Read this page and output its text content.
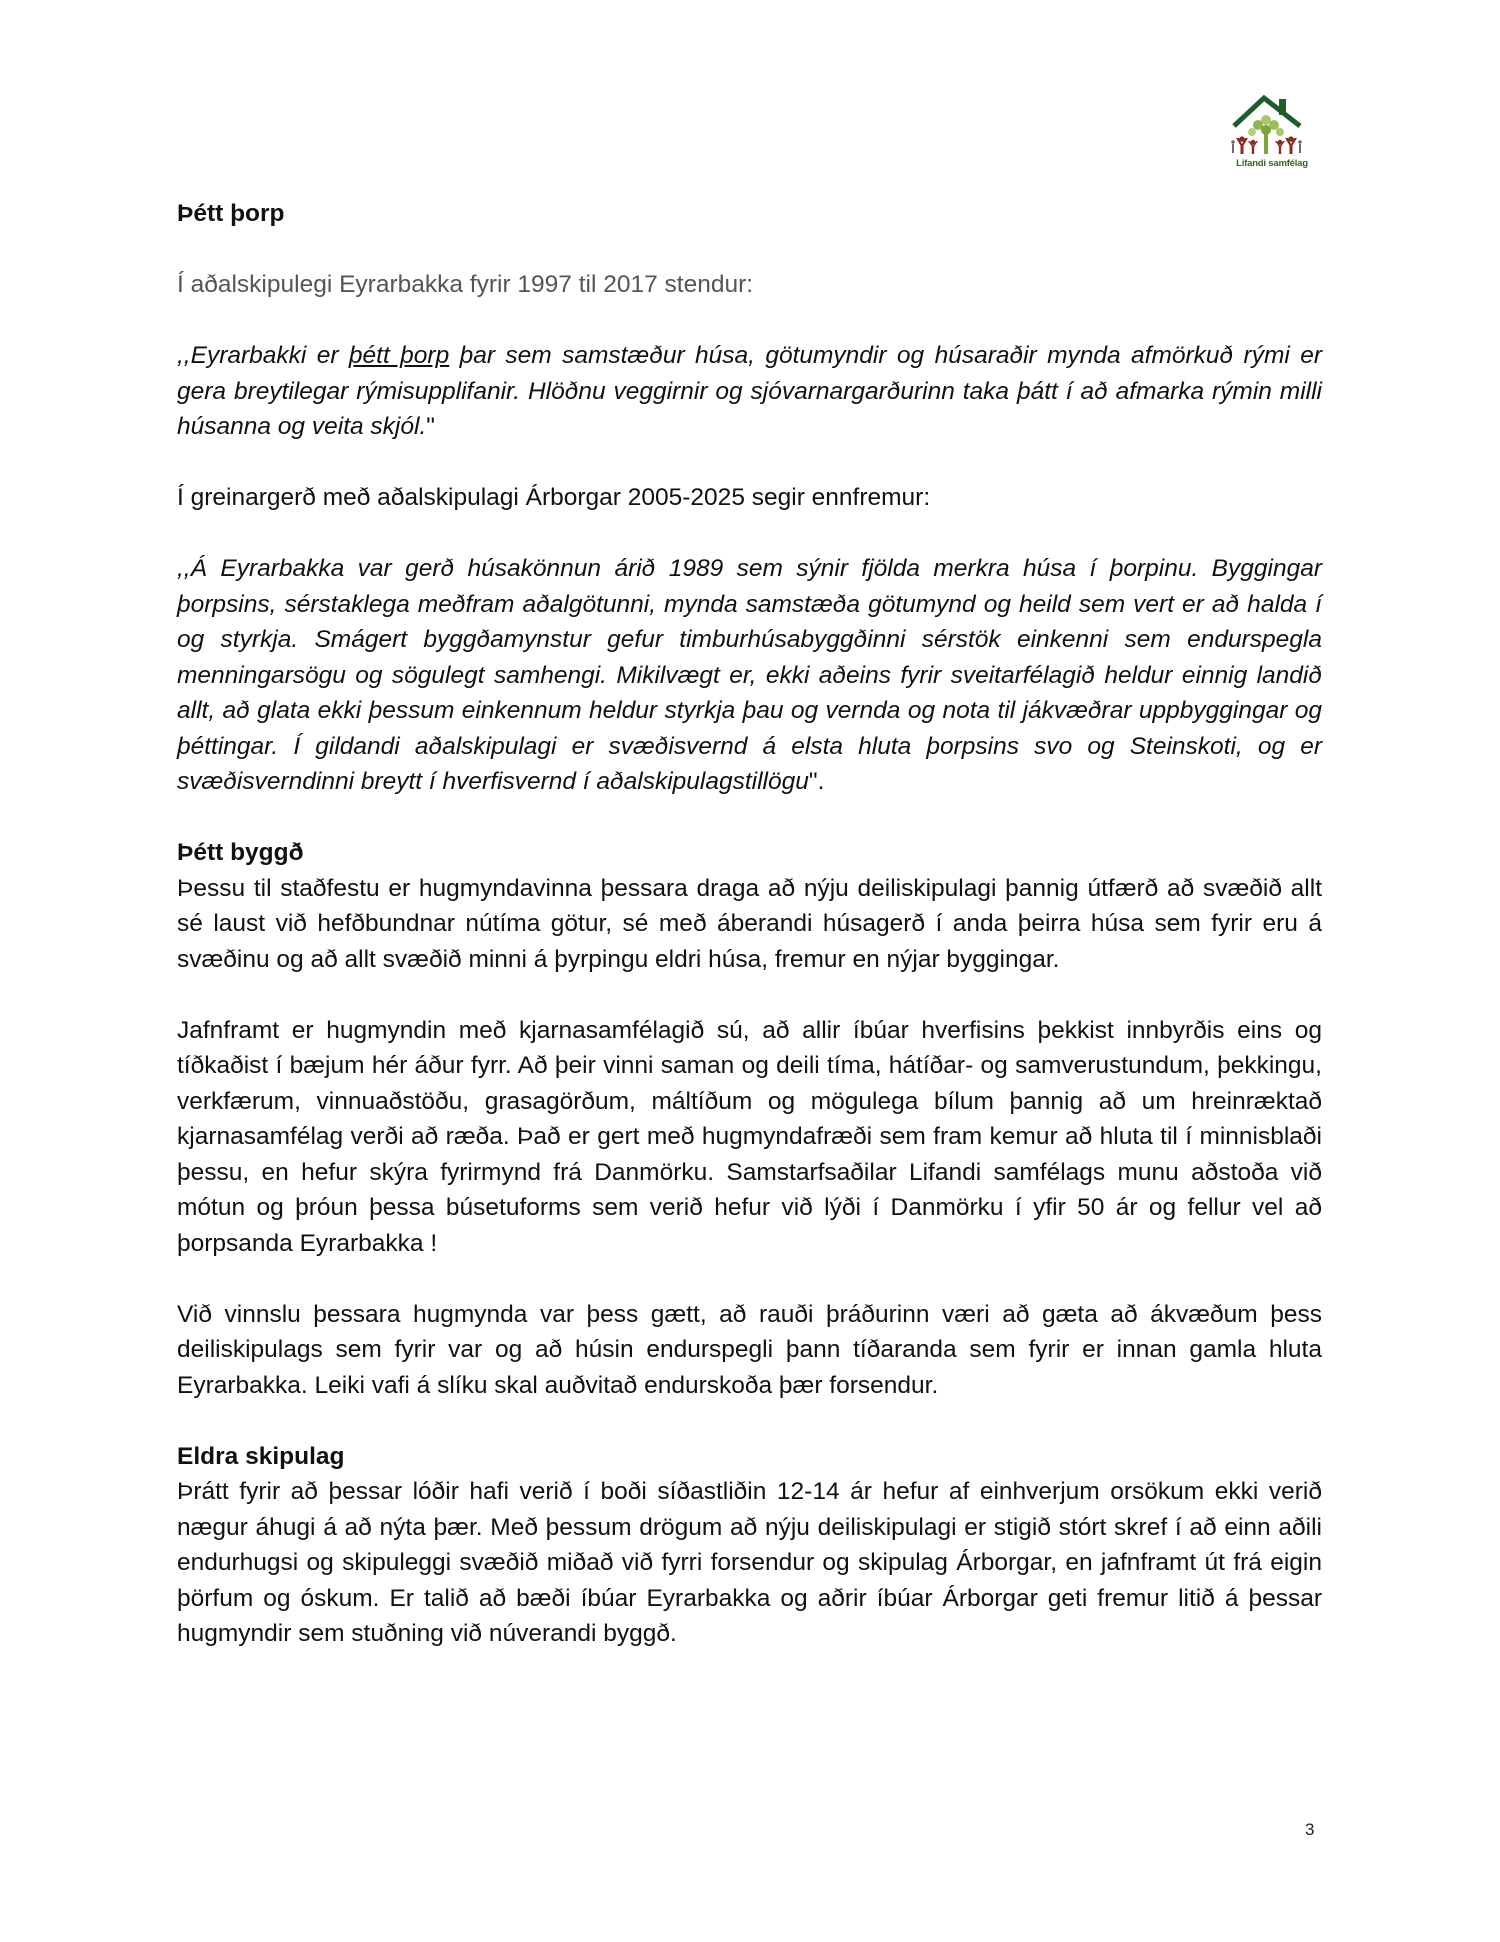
Lifandi samfélag
Þétt þorp

Í aðalskipulegi Eyrarbakka fyrir 1997 til 2017 stendur:

,,Eyrarbakki er þétt þorp þar sem samstæður húsa, götumyndir og húsaraðir mynda afmörkuð rými er gera breytilegar rýmisupplifanir. Hlöðnu veggirnir og sjóvarnargarðurinn taka þátt í að afmarka rýmin milli húsanna og veita skjól."

Í greinargerð með aðalskipulagi Árborgar 2005-2025 segir ennfremur:

,,Á Eyrarbakka var gerð húsakönnun árið 1989 sem sýnir fjölda merkra húsa í þorpinu. Byggingar þorpsins, sérstaklega meðfram aðalgötunni, mynda samstæða götumynd og heild sem vert er að halda í og styrkja. Smágert byggðamynstur gefur timburhúsabyggðinni sérstök einkenni sem endurspegla menningarsögu og sögulegt samhengi. Mikilvægt er, ekki aðeins fyrir sveitarfélagið heldur einnig landið allt, að glata ekki þessum einkennum heldur styrkja þau og vernda og nota til jákvæðrar uppbyggingar og þéttingar. Í gildandi aðalskipulagi er svæðisvernd á elsta hluta þorpsins svo og Steinskoti, og er svæðisverndinni breytt í hverfisvernd í aðalskipulagstillögu".

Þétt byggð

Þessu til staðfestu er hugmyndavinna þessara draga að nýju deiliskipulagi þannig útfærð að svæðið allt sé laust við hefðbundnar nútíma götur, sé með áberandi húsagerð í anda þeirra húsa sem fyrir eru á svæðinu og að allt svæðið minni á þyrpingu eldri húsa, fremur en nýjar byggingar.

Jafnframt er hugmyndin með kjarnasamfélagið sú, að allir íbúar hverfisins þekkist innbyrðis eins og tíðkaðist í bæjum hér áður fyrr. Að þeir vinni saman og deili tíma, hátíðar- og samverustundum, þekkingu, verkfærum, vinnuaðstöðu, grasagörðum, máltíðum og mögulega bílum þannig að um hreinræktað kjarnasamfélag verði að ræða. Það er gert með hugmyndafræði sem fram kemur að hluta til í minnisblaði þessu, en hefur skýra fyrirmynd frá Danmörku. Samstarfsaðilar Lifandi samfélags munu aðstoða við mótun og þróun þessa búsetuforms sem verið hefur við lýði í Danmörku í yfir 50 ár og fellur vel að þorpsanda Eyrarbakka !

Við vinnslu þessara hugmynda var þess gætt, að rauði þráðurinn væri að gæta að ákvæðum þess deiliskipulags sem fyrir var og að húsin endurspegli þann tíðaranda sem fyrir er innan gamla hluta Eyrarbakka. Leiki vafi á slíku skal auðvitað endurskoða þær forsendur.

Eldra skipulag

Þrátt fyrir að þessar lóðir hafi verið í boði síðastliðin 12-14 ár hefur af einhverjum orsökum ekki verið nægur áhugi á að nýta þær. Með þessum drögum að nýju deiliskipulagi er stigið stórt skref í að einn aðili endurhugsi og skipuleggi svæðið miðað við fyrri forsendur og skipulag Árborgar, en jafnframt út frá eigin þörfum og óskum. Er talið að bæði íbúar Eyrarbakka og aðrir íbúar Árborgar geti fremur litið á þessar hugmyndir sem stuðning við núverandi byggð.

3
